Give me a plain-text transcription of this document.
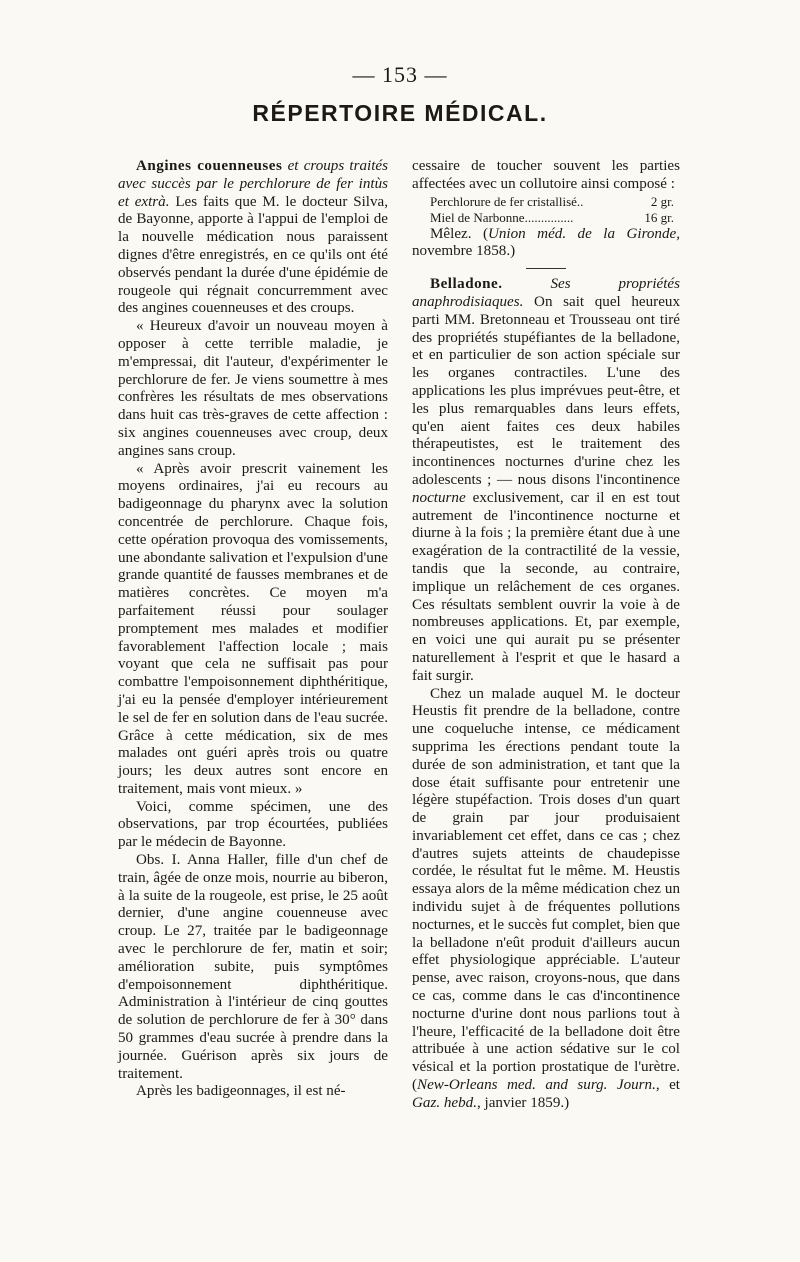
— 153 —
RÉPERTOIRE MÉDICAL.

Angines couenneuses et croups traités avec succès par le perchlorure de fer intùs et extrà. Les faits que M. le docteur Silva, de Bayonne, apporte à l'appui de l'emploi de la nouvelle médication nous paraissent dignes d'être enregistrés, en ce qu'ils ont été observés pendant la durée d'une épidémie de rougeole qui régnait concurremment avec des angines couenneuses et des croups.

« Heureux d'avoir un nouveau moyen à opposer à cette terrible maladie, je m'empressai, dit l'auteur, d'expérimenter le perchlorure de fer. Je viens soumettre à mes confrères les résultats de mes observations dans huit cas très-graves de cette affection : six angines couenneuses avec croup, deux angines sans croup.

« Après avoir prescrit vainement les moyens ordinaires, j'ai eu recours au badigeonnage du pharynx avec la solution concentrée de perchlorure. Chaque fois, cette opération provoqua des vomissements, une abondante salivation et l'expulsion d'une grande quantité de fausses membranes et de matières concrètes. Ce moyen m'a parfaitement réussi pour soulager promptement mes malades et modifier favorablement l'affection locale ; mais voyant que cela ne suffisait pas pour combattre l'empoisonnement diphthéritique, j'ai eu la pensée d'employer intérieurement le sel de fer en solution dans de l'eau sucrée. Grâce à cette médication, six de mes malades ont guéri après trois ou quatre jours; les deux autres sont encore en traitement, mais vont mieux. »

Voici, comme spécimen, une des observations, par trop écourtées, publiées par le médecin de Bayonne.

Obs. I. Anna Haller, fille d'un chef de train, âgée de onze mois, nourrie au biberon, à la suite de la rougeole, est prise, le 25 août dernier, d'une angine couenneuse avec croup. Le 27, traitée par le badigeonnage avec le perchlorure de fer, matin et soir; amélioration subite, puis symptômes d'empoisonnement diphthéritique. Administration à l'intérieur de cinq gouttes de solution de perchlorure de fer à 30° dans 50 grammes d'eau sucrée à prendre dans la journée. Guérison après six jours de traitement.

Après les badigeonnages, il est né-

cessaire de toucher souvent les parties affectées avec un collutoire ainsi composé :

Perchlorure de fer cristallisé..	2 gr.
Miel de Narbonne...............	16 gr.

Mêlez. (Union méd. de la Gironde, novembre 1858.)

Belladone. Ses propriétés anaphrodisiaques. On sait quel heureux parti MM. Bretonneau et Trousseau ont tiré des propriétés stupéfiantes de la belladone, et en particulier de son action spéciale sur les organes contractiles. L'une des applications les plus imprévues peut-être, et les plus remarquables dans leurs effets, qu'en aient faites ces deux habiles thérapeutistes, est le traitement des incontinences nocturnes d'urine chez les adolescents ; — nous disons l'incontinence nocturne exclusivement, car il en est tout autrement de l'incontinence nocturne et diurne à la fois ; la première étant due à une exagération de la contractilité de la vessie, tandis que la seconde, au contraire, implique un relâchement de ces organes. Ces résultats semblent ouvrir la voie à de nombreuses applications. Et, par exemple, en voici une qui aurait pu se présenter naturellement à l'esprit et que le hasard a fait surgir.

Chez un malade auquel M. le docteur Heustis fit prendre de la belladone, contre une coqueluche intense, ce médicament supprima les érections pendant toute la durée de son administration, et tant que la dose était suffisante pour entretenir une légère stupéfaction. Trois doses d'un quart de grain par jour produisaient invariablement cet effet, dans ce cas ; chez d'autres sujets atteints de chaudepisse cordée, le résultat fut le même. M. Heustis essaya alors de la même médication chez un individu sujet à de fréquentes pollutions nocturnes, et le succès fut complet, bien que la belladone n'eût produit d'ailleurs aucun effet physiologique appréciable. L'auteur pense, avec raison, croyons-nous, que dans ce cas, comme dans le cas d'incontinence nocturne d'urine dont nous parlions tout à l'heure, l'efficacité de la belladone doit être attribuée à une action sédative sur le col vésical et la portion prostatique de l'urètre. (New-Orleans med. and surg. Journ., et Gaz. hebd., janvier 1859.)
